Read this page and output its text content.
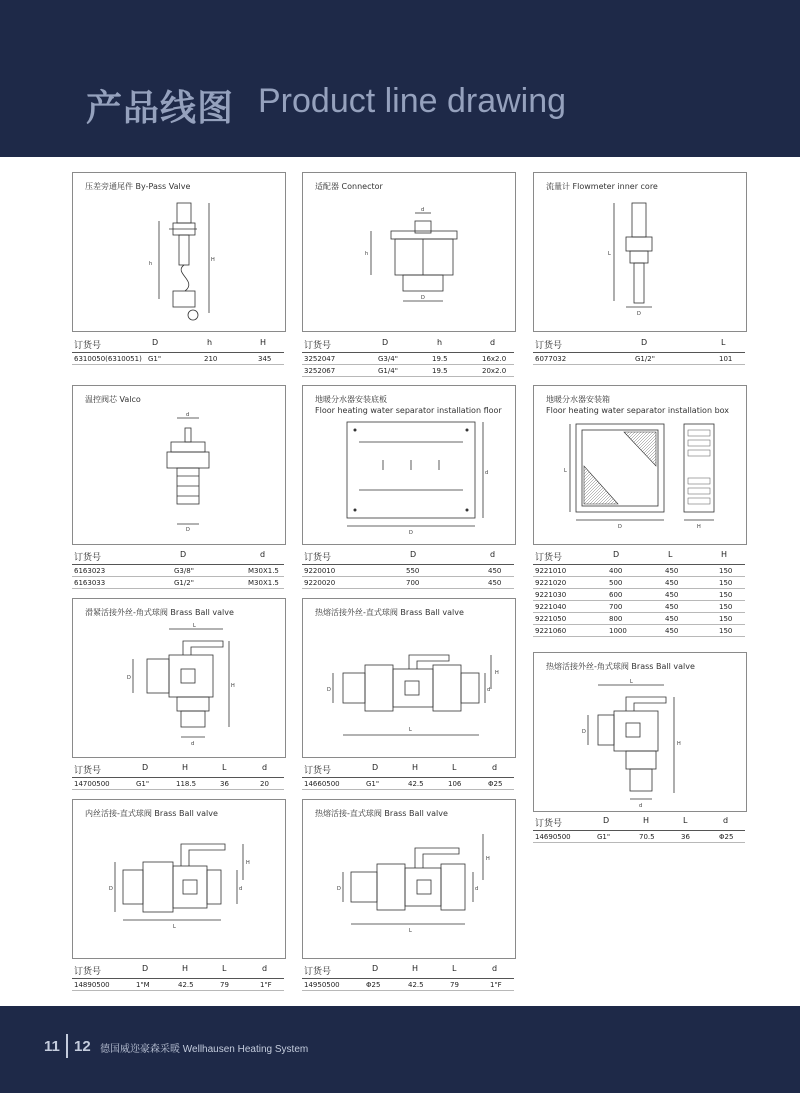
产品线图 Product line drawing
压差旁通尾件 By-Pass Valve
h
H
订货号	D	h	H
6310050(6310051) G1"	210	345
适配器 Connector
d
h
D
订货号	D	h	d
3252047	G3/4"	19.5	16x2.0
3252067	G1/4"	19.5	20x2.0
流量计 Flowmeter inner core
L
D
订货号	D	L
6077032	G1/2"	101
温控阀芯 Valco
d
D
订货号	D	d
6163023	G3/8"	M30X1.5
6163033	G1/2"	M30X1.5
地暖分水器安装底板
Floor heating water separator installation floor
D
d
订货号	D	d
9220010	550	450
9220020	700	450
地暖分水器安装箱
Floor heating water separator installation box
L
D	H
订货号	D	L	H
9221010	400	450	150
9221020	500	450	150
9221030	600	450	150
9221040	700	450	150
9221050	800	450	150
9221060	1000	450	150
滑紧活接外丝-角式球阀 Brass Ball valve
D
L
H
d
订货号	D	H	L	d
14700500	G1"	118.5	36	20
热熔活接外丝-直式球阀 Brass Ball valve
D
L
H
d
订货号	D	H	L	d
14660500	G1"	42.5	106	Φ25
热熔活接外丝-角式球阀 Brass Ball valve
D
L
H
d
订货号	D	H	L	d
14690500	G1"	70.5	36	Φ25
内丝活接-直式球阀 Brass Ball valve
D
L
H
d
订货号	D	H	L	d
14890500	1"M	42.5	79	1"F
热熔活接-直式球阀 Brass Ball valve
D
L
H
d
订货号	D	H	L	d
14950500	Φ25	42.5	79	1"F
11 12 德国威迩豪森采暖 Wellhausen Heating System
